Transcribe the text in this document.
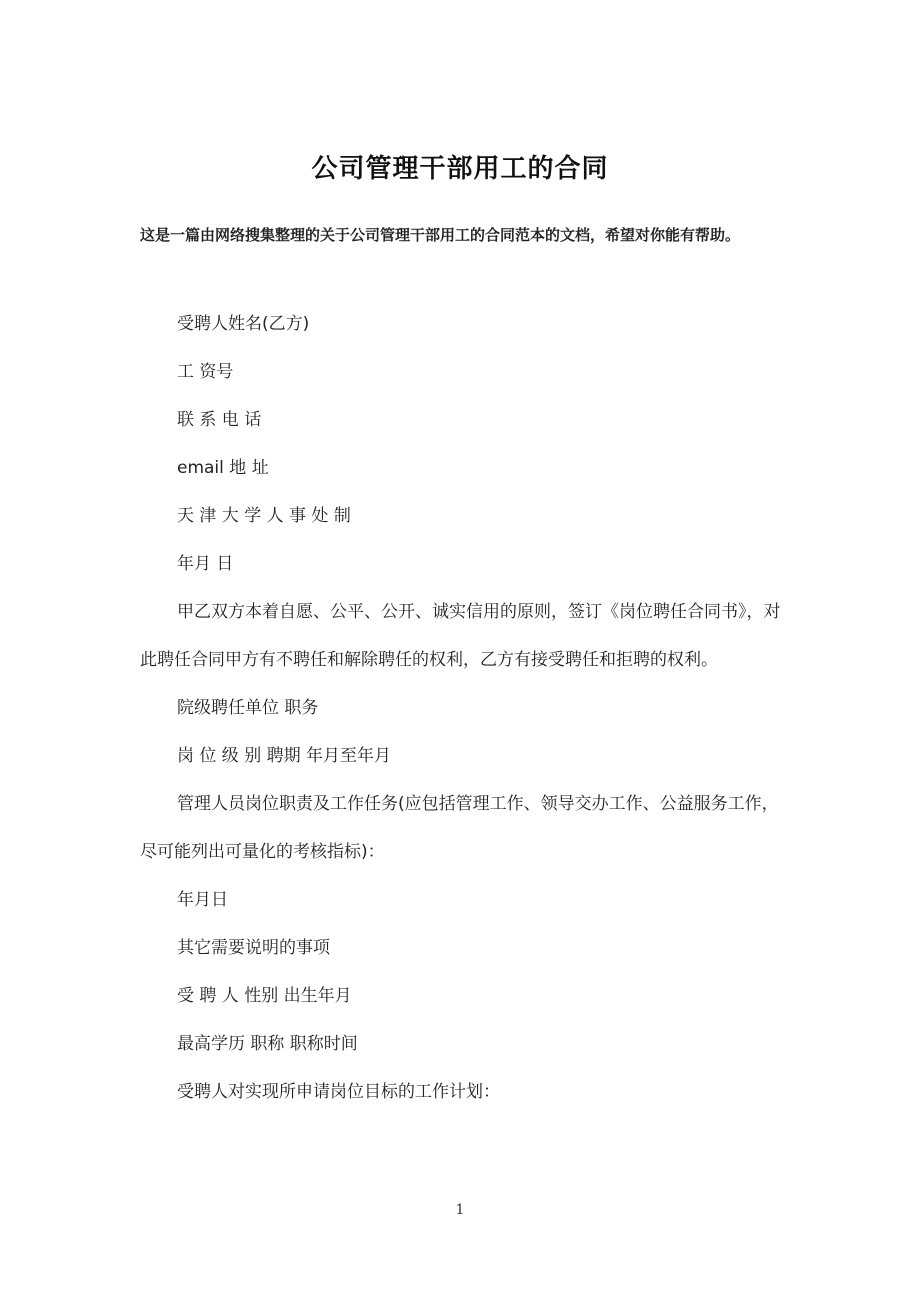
公司管理干部用工的合同
这是一篇由网络搜集整理的关于公司管理干部用工的合同范本的文档，希望对你能有帮助。

受聘人姓名(乙方)

工 资号

联 系 电 话

email 地 址

天 津 大 学 人 事 处 制

年月 日

甲乙双方本着自愿、公平、公开、诚实信用的原则，签订《岗位聘任合同书》，对此聘任合同甲方有不聘任和解除聘任的权利，乙方有接受聘任和拒聘的权利。

院级聘任单位 职务

岗 位 级 别 聘期 年月至年月

管理人员岗位职责及工作任务(应包括管理工作、领导交办工作、公益服务工作，尽可能列出可量化的考核指标)：

年月日

其它需要说明的事项

受 聘 人 性别 出生年月

最高学历 职称 职称时间

受聘人对实现所申请岗位目标的工作计划：

1
